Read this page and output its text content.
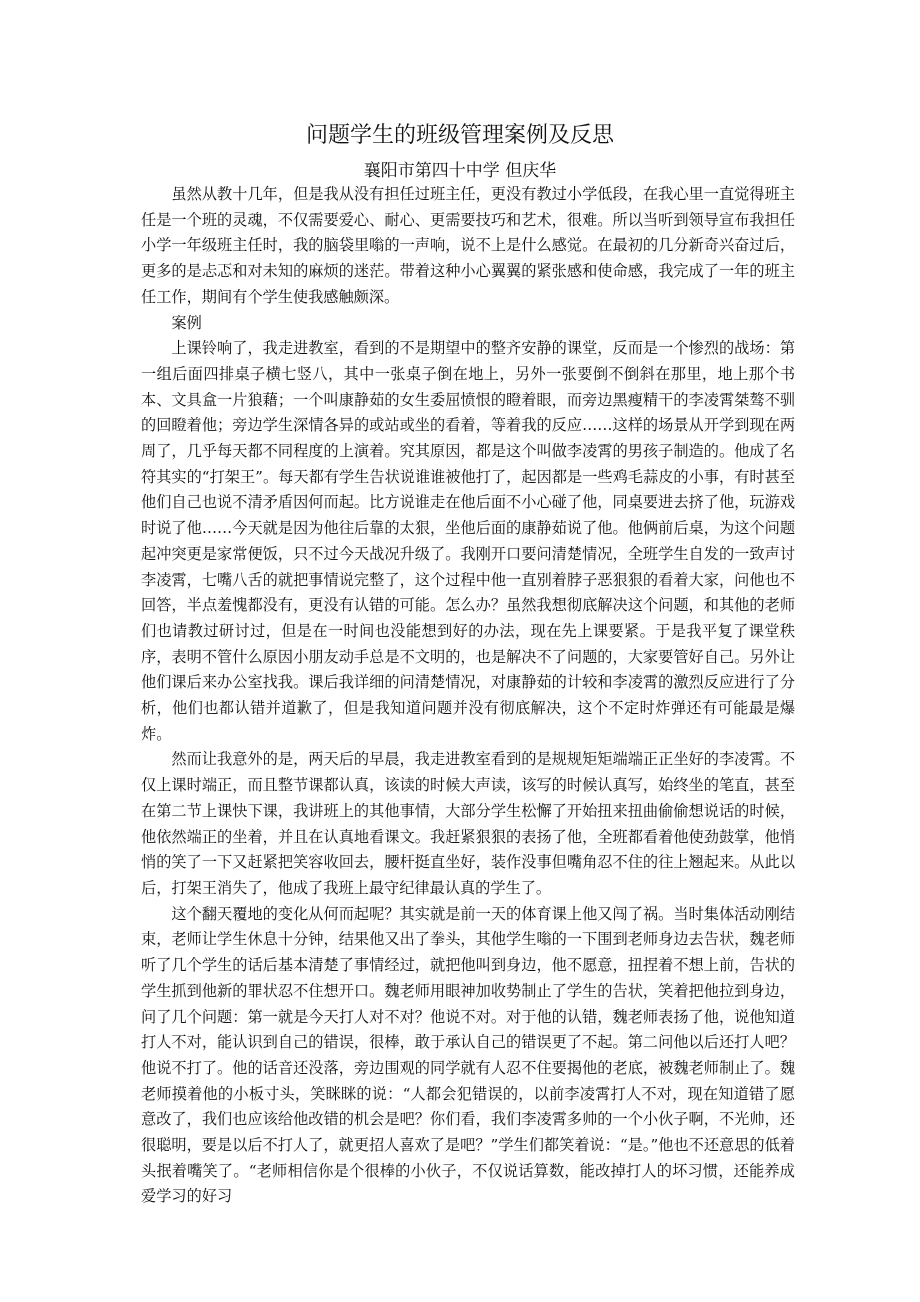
问题学生的班级管理案例及反思
襄阳市第四十中学 但庆华

虽然从教十几年，但是我从没有担任过班主任，更没有教过小学低段，在我心里一直觉得班主任是一个班的灵魂，不仅需要爱心、耐心、更需要技巧和艺术，很难。所以当听到领导宣布我担任小学一年级班主任时，我的脑袋里嗡的一声响，说不上是什么感觉。在最初的几分新奇兴奋过后，更多的是忐忑和对未知的麻烦的迷茫。带着这种小心翼翼的紧张感和使命感，我完成了一年的班主任工作，期间有个学生使我感触颇深。

案例

上课铃响了，我走进教室，看到的不是期望中的整齐安静的课堂，反而是一个惨烈的战场：第一组后面四排桌子横七竖八，其中一张桌子倒在地上，另外一张要倒不倒斜在那里，地上那个书本、文具盒一片狼藉；一个叫康静茹的女生委屈愤恨的瞪着眼，而旁边黑瘦精干的李凌霄桀骜不驯的回瞪着他；旁边学生深情各异的或站或坐的看着，等着我的反应……这样的场景从开学到现在两周了，几乎每天都不同程度的上演着。究其原因，都是这个叫做李凌霄的男孩子制造的。他成了名符其实的“打架王”。每天都有学生告状说谁谁被他打了，起因都是一些鸡毛蒜皮的小事，有时甚至他们自己也说不清矛盾因何而起。比方说谁走在他后面不小心碰了他，同桌要进去挤了他，玩游戏时说了他……今天就是因为他往后靠的太狠，坐他后面的康静茹说了他。他俩前后桌，为这个问题起冲突更是家常便饭，只不过今天战况升级了。我刚开口要问清楚情况，全班学生自发的一致声讨李凌霄，七嘴八舌的就把事情说完整了，这个过程中他一直别着脖子恶狠狠的看着大家，问他也不回答，半点羞愧都没有，更没有认错的可能。怎么办？虽然我想彻底解决这个问题，和其他的老师们也请教过研讨过，但是在一时间也没能想到好的办法，现在先上课要紧。于是我平复了课堂秩序，表明不管什么原因小朋友动手总是不文明的，也是解决不了问题的，大家要管好自己。另外让他们课后来办公室找我。课后我详细的问清楚情况，对康静茹的计较和李凌霄的激烈反应进行了分析，他们也都认错并道歉了，但是我知道问题并没有彻底解决，这个不定时炸弹还有可能最是爆炸。

然而让我意外的是，两天后的早晨，我走进教室看到的是规规矩矩端端正正坐好的李凌霄。不仅上课时端正，而且整节课都认真，该读的时候大声读，该写的时候认真写，始终坐的笔直，甚至在第二节上课快下课，我讲班上的其他事情，大部分学生松懈了开始扭来扭曲偷偷想说话的时候，他依然端正的坐着，并且在认真地看课文。我赶紧狠狠的表扬了他，全班都看着他使劲鼓掌，他悄悄的笑了一下又赶紧把笑容收回去，腰杆挺直坐好，装作没事但嘴角忍不住的往上翘起来。从此以后，打架王消失了，他成了我班上最守纪律最认真的学生了。

这个翻天覆地的变化从何而起呢？其实就是前一天的体育课上他又闯了祸。当时集体活动刚结束，老师让学生休息十分钟，结果他又出了拳头，其他学生嗡的一下围到老师身边去告状，魏老师听了几个学生的话后基本清楚了事情经过，就把他叫到身边，他不愿意，扭捏着不想上前，告状的学生抓到他新的罪状忍不住想开口。魏老师用眼神加收势制止了学生的告状，笑着把他拉到身边，问了几个问题：第一就是今天打人对不对？他说不对。对于他的认错，魏老师表扬了他，说他知道打人不对，能认识到自己的错误，很棒，敢于承认自己的错误更了不起。第二问他以后还打人吧？他说不打了。他的话音还没落，旁边围观的同学就有人忍不住要揭他的老底，被魏老师制止了。魏老师摸着他的小板寸头，笑眯眯的说：“人都会犯错误的，以前李凌霄打人不对，现在知道错了愿意改了，我们也应该给他改错的机会是吧？你们看，我们李凌霄多帅的一个小伙子啊，不光帅，还很聪明，要是以后不打人了，就更招人喜欢了是吧？”学生们都笑着说：“是。”他也不还意思的低着头抿着嘴笑了。“老师相信你是个很棒的小伙子，不仅说话算数，能改掉打人的坏习惯，还能养成爱学习的好习
